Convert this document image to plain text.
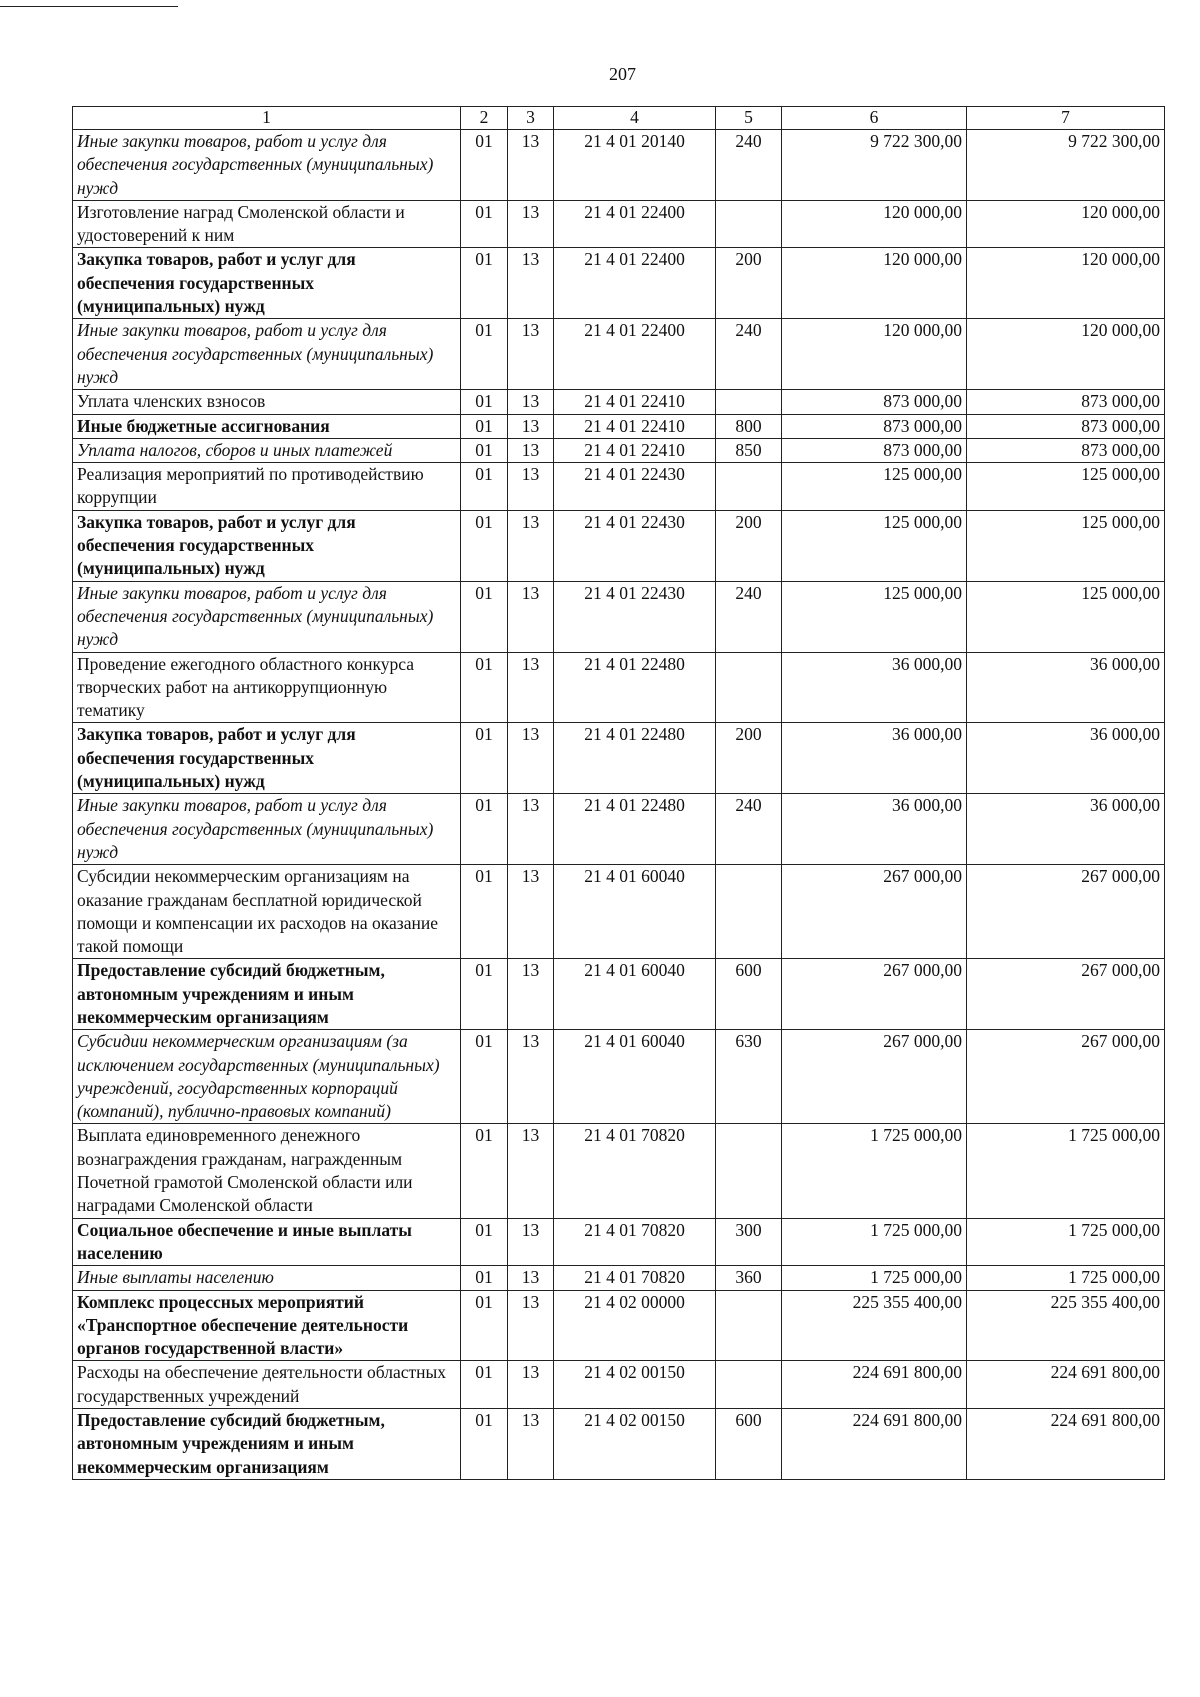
207
1	2	3	4	5	6	7
Иные закупки товаров, работ и услуг для обеспечения государственных (муниципальных) нужд	01	13	21 4 01 20140	240	9 722 300,00	9 722 300,00
Изготовление наград Смоленской области и удостоверений к ним	01	13	21 4 01 22400		120 000,00	120 000,00
Закупка товаров, работ и услуг для обеспечения государственных (муниципальных) нужд	01	13	21 4 01 22400	200	120 000,00	120 000,00
Иные закупки товаров, работ и услуг для обеспечения государственных (муниципальных) нужд	01	13	21 4 01 22400	240	120 000,00	120 000,00
Уплата членских взносов	01	13	21 4 01 22410		873 000,00	873 000,00
Иные бюджетные ассигнования	01	13	21 4 01 22410	800	873 000,00	873 000,00
Уплата налогов, сборов и иных платежей	01	13	21 4 01 22410	850	873 000,00	873 000,00
Реализация мероприятий по противодействию коррупции	01	13	21 4 01 22430		125 000,00	125 000,00
Закупка товаров, работ и услуг для обеспечения государственных (муниципальных) нужд	01	13	21 4 01 22430	200	125 000,00	125 000,00
Иные закупки товаров, работ и услуг для обеспечения государственных (муниципальных) нужд	01	13	21 4 01 22430	240	125 000,00	125 000,00
Проведение ежегодного областного конкурса творческих работ на антикоррупционную тематику	01	13	21 4 01 22480		36 000,00	36 000,00
Закупка товаров, работ и услуг для обеспечения государственных (муниципальных) нужд	01	13	21 4 01 22480	200	36 000,00	36 000,00
Иные закупки товаров, работ и услуг для обеспечения государственных (муниципальных) нужд	01	13	21 4 01 22480	240	36 000,00	36 000,00
Субсидии некоммерческим организациям на оказание гражданам бесплатной юридической помощи и компенсации их расходов на оказание такой помощи	01	13	21 4 01 60040		267 000,00	267 000,00
Предоставление субсидий бюджетным, автономным учреждениям и иным некоммерческим организациям	01	13	21 4 01 60040	600	267 000,00	267 000,00
Субсидии некоммерческим организациям (за исключением государственных (муниципальных) учреждений, государственных корпораций (компаний), публично-правовых компаний)	01	13	21 4 01 60040	630	267 000,00	267 000,00
Выплата единовременного денежного вознаграждения гражданам, награжденным Почетной грамотой Смоленской области или наградами Смоленской области	01	13	21 4 01 70820		1 725 000,00	1 725 000,00
Социальное обеспечение и иные выплаты населению	01	13	21 4 01 70820	300	1 725 000,00	1 725 000,00
Иные выплаты населению	01	13	21 4 01 70820	360	1 725 000,00	1 725 000,00
Комплекс процессных мероприятий «Транспортное обеспечение деятельности органов государственной власти»	01	13	21 4 02 00000		225 355 400,00	225 355 400,00
Расходы на обеспечение деятельности областных государственных учреждений	01	13	21 4 02 00150		224 691 800,00	224 691 800,00
Предоставление субсидий бюджетным, автономным учреждениям и иным некоммерческим организациям	01	13	21 4 02 00150	600	224 691 800,00	224 691 800,00
